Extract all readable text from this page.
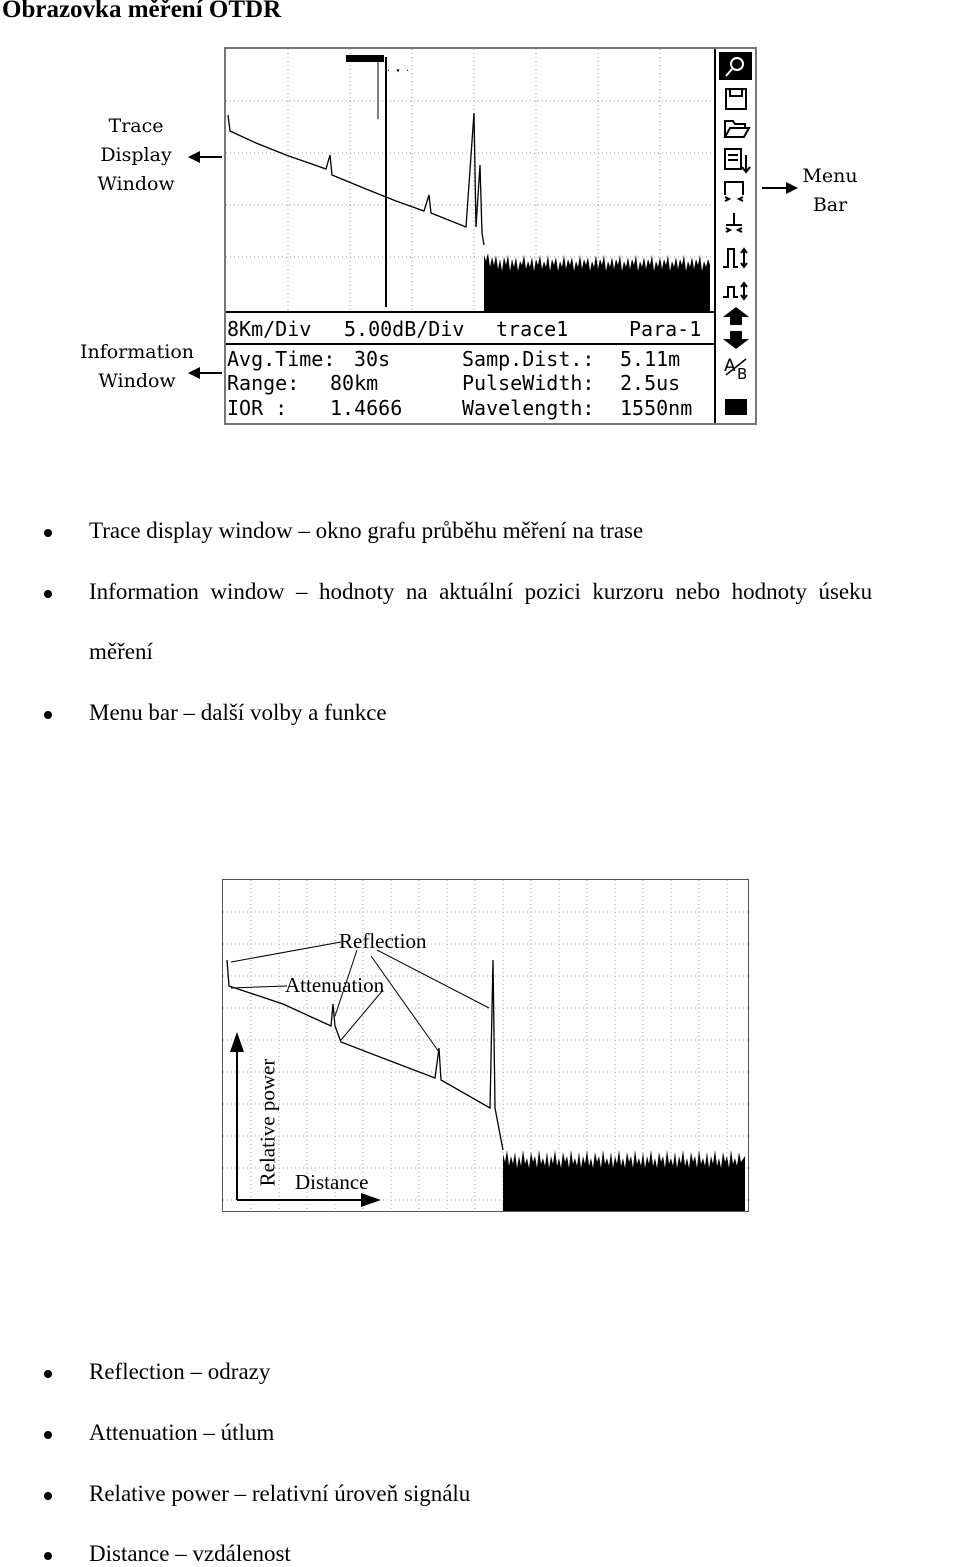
Obrazovka měření OTDR
Trace
Display
Window
Information
Window
Menu
Bar
· ▾ ·
8Km/Div 5.00dB/Div trace1	Para-1
Avg.Time: 30s
Range: 80km
IOR : 1.4666
Samp.Dist.: 5.11m
PulseWidth: 2.5us
Wavelength: 1550nm
A B
Trace display window – okno grafu průběhu měření na trase
Information  window  –  hodnoty  na  aktuální  pozici  kurzoru  nebo  hodnoty  úseku
měření
Menu bar – další volby a funkce
Reflection
Attenuation
Relative power Distance
Reflection – odrazy
Attenuation – útlum
Relative power – relativní úroveň signálu
Distance – vzdálenost
